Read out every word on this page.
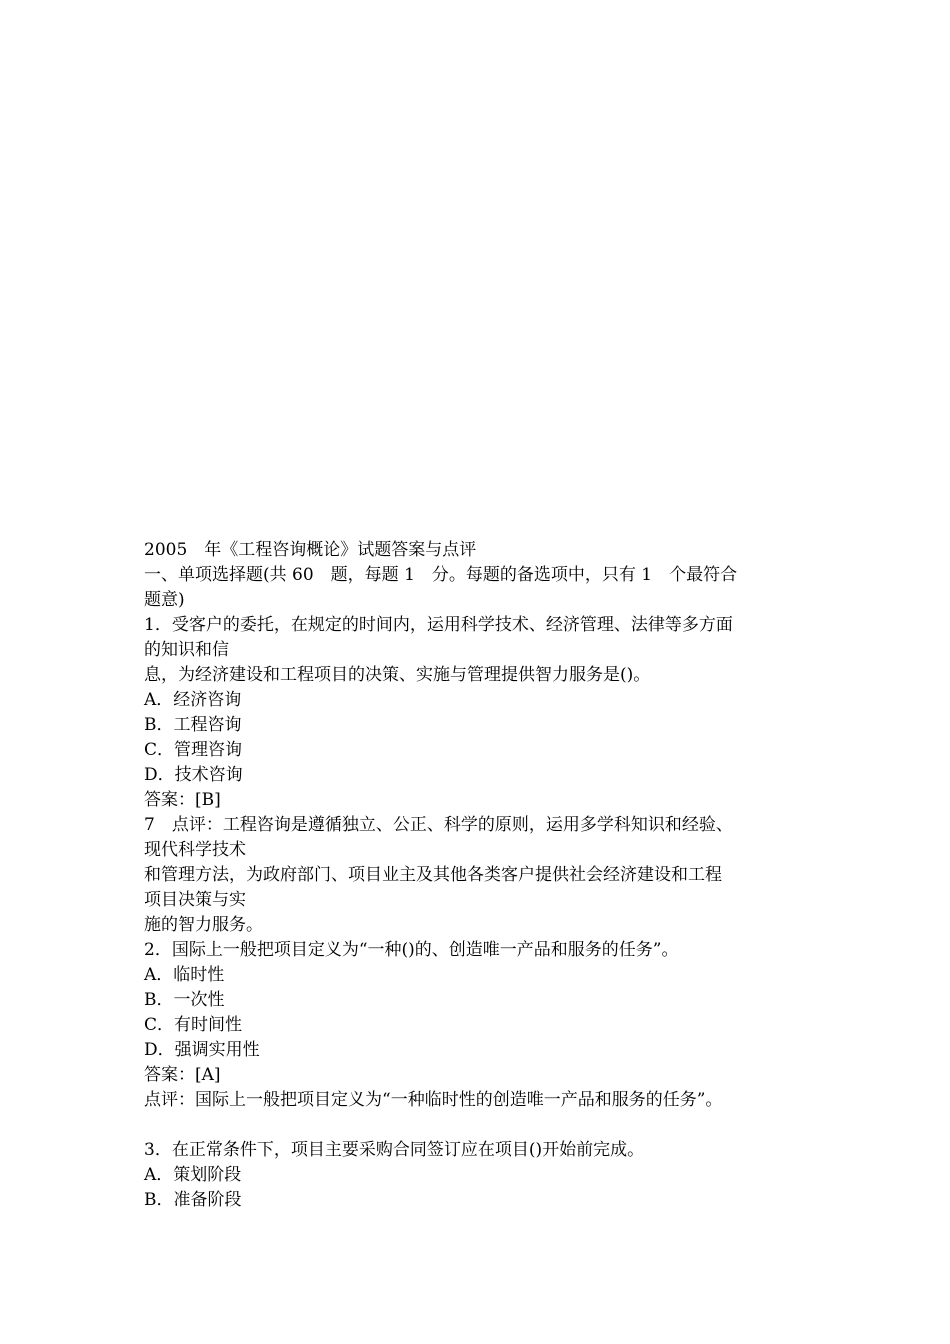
2005　年《工程咨询概论》试题答案与点评
一、单项选择题(共 60　题，每题 1　分。每题的备选项中，只有 1　个最符合
题意)
1．受客户的委托，在规定的时间内，运用科学技术、经济管理、法律等多方面
的知识和信
息，为经济建设和工程项目的决策、实施与管理提供智力服务是()。
A．经济咨询
B．工程咨询
C．管理咨询
D．技术咨询
答案：[B]
7　点评：工程咨询是遵循独立、公正、科学的原则，运用多学科知识和经验、
现代科学技术
和管理方法，为政府部门、项目业主及其他各类客户提供社会经济建设和工程
项目决策与实
施的智力服务。
2．国际上一般把项目定义为“一种()的、创造唯一产品和服务的任务”。
A．临时性
B．一次性
C．有时间性
D．强调实用性
答案：[A]
点评：国际上一般把项目定义为“一种临时性的创造唯一产品和服务的任务”。
3．在正常条件下，项目主要采购合同签订应在项目()开始前完成。
A．策划阶段
B．准备阶段
